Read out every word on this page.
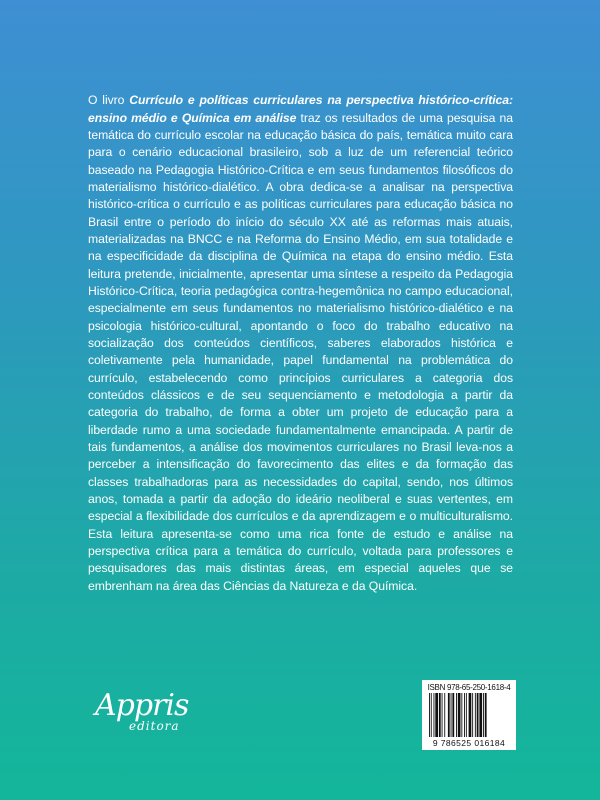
O livro Currículo e políticas curriculares na perspectiva histórico-crítica: ensino médio e Química em análise traz os resultados de uma pesquisa na temática do currículo escolar na educação básica do país, temática muito cara para o cenário educacional brasileiro, sob a luz de um referencial teórico baseado na Pedagogia Histórico-Crítica e em seus fundamentos filosóficos do materialismo histórico-dialético. A obra dedica-se a analisar na perspectiva histórico-crítica o currículo e as políticas curriculares para educação básica no Brasil entre o período do início do século XX até as reformas mais atuais, materializadas na BNCC e na Reforma do Ensino Médio, em sua totalidade e na especificidade da disciplina de Química na etapa do ensino médio. Esta leitura pretende, inicialmente, apresentar uma síntese a respeito da Pedagogia Histórico-Crítica, teoria pedagógica contra-hegemônica no campo educacional, especialmente em seus fundamentos no materialismo histórico-dialético e na psicologia histórico-cultural, apontando o foco do trabalho educativo na socialização dos conteúdos científicos, saberes elaborados histórica e coletivamente pela humanidade, papel fundamental na problemática do currículo, estabelecendo como princípios curriculares a categoria dos conteúdos clássicos e de seu sequenciamento e metodologia a partir da categoria do trabalho, de forma a obter um projeto de educação para a liberdade rumo a uma sociedade fundamentalmente emancipada. A partir de tais fundamentos, a análise dos movimentos curriculares no Brasil leva-nos a perceber a intensificação do favorecimento das elites e da formação das classes trabalhadoras para as necessidades do capital, sendo, nos últimos anos, tomada a partir da adoção do ideário neoliberal e suas vertentes, em especial a flexibilidade dos currículos e da aprendizagem e o multiculturalismo. Esta leitura apresenta-se como uma rica fonte de estudo e análise na perspectiva crítica para a temática do currículo, voltada para professores e pesquisadores das mais distintas áreas, em especial aqueles que se embrenham na área das Ciências da Natureza e da Química.

Appris
editora
ISBN 978-65-250-1618-4
9 786525 016184
